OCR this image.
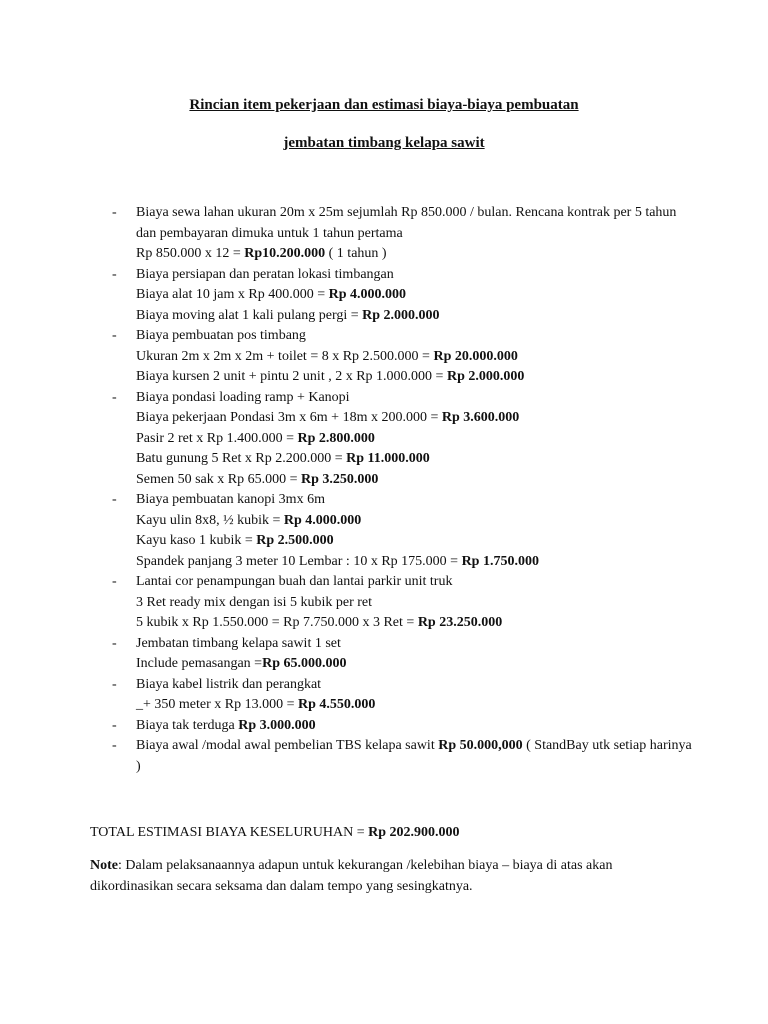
Rincian item pekerjaan dan estimasi biaya-biaya pembuatan

jembatan timbang kelapa sawit

-	Biaya sewa lahan ukuran 20m x 25m sejumlah Rp 850.000 / bulan. Rencana kontrak per 5 tahun dan pembayaran dimuka untuk 1 tahun pertama
Rp 850.000 x 12 = Rp10.200.000 ( 1 tahun )
-	Biaya persiapan dan peratan lokasi timbangan
Biaya alat 10 jam x Rp 400.000 = Rp 4.000.000
Biaya moving alat 1 kali pulang pergi = Rp 2.000.000
-	Biaya pembuatan pos timbang
Ukuran 2m x 2m x 2m + toilet = 8 x Rp 2.500.000 = Rp 20.000.000
Biaya kursen 2 unit + pintu 2 unit , 2 x Rp 1.000.000 = Rp 2.000.000
-	Biaya pondasi loading ramp + Kanopi
Biaya pekerjaan Pondasi 3m x 6m + 18m x 200.000 = Rp 3.600.000
Pasir 2 ret x Rp 1.400.000 = Rp 2.800.000
Batu gunung 5 Ret x Rp 2.200.000 = Rp 11.000.000
Semen 50 sak x Rp 65.000 = Rp 3.250.000
-	Biaya pembuatan kanopi 3mx 6m
Kayu ulin 8x8, ½ kubik = Rp 4.000.000
Kayu kaso 1 kubik = Rp 2.500.000
Spandek panjang 3 meter 10 Lembar : 10 x Rp 175.000 = Rp 1.750.000
-	Lantai cor penampungan buah dan lantai parkir unit truk
3 Ret ready mix dengan isi 5 kubik per ret
5 kubik x Rp 1.550.000 = Rp 7.750.000 x 3 Ret = Rp 23.250.000
-	Jembatan timbang kelapa sawit 1 set
Include pemasangan =Rp 65.000.000
-	Biaya kabel listrik dan perangkat
_+ 350 meter x Rp 13.000 = Rp 4.550.000
-	Biaya tak terduga Rp 3.000.000
-	Biaya awal /modal awal pembelian TBS kelapa sawit Rp 50.000,000 ( StandBay utk setiap harinya )

TOTAL ESTIMASI BIAYA KESELURUHAN = Rp 202.900.000

Note: Dalam pelaksanaannya adapun untuk kekurangan /kelebihan biaya – biaya di atas akan dikordinasikan secara seksama dan dalam tempo yang sesingkatnya.
